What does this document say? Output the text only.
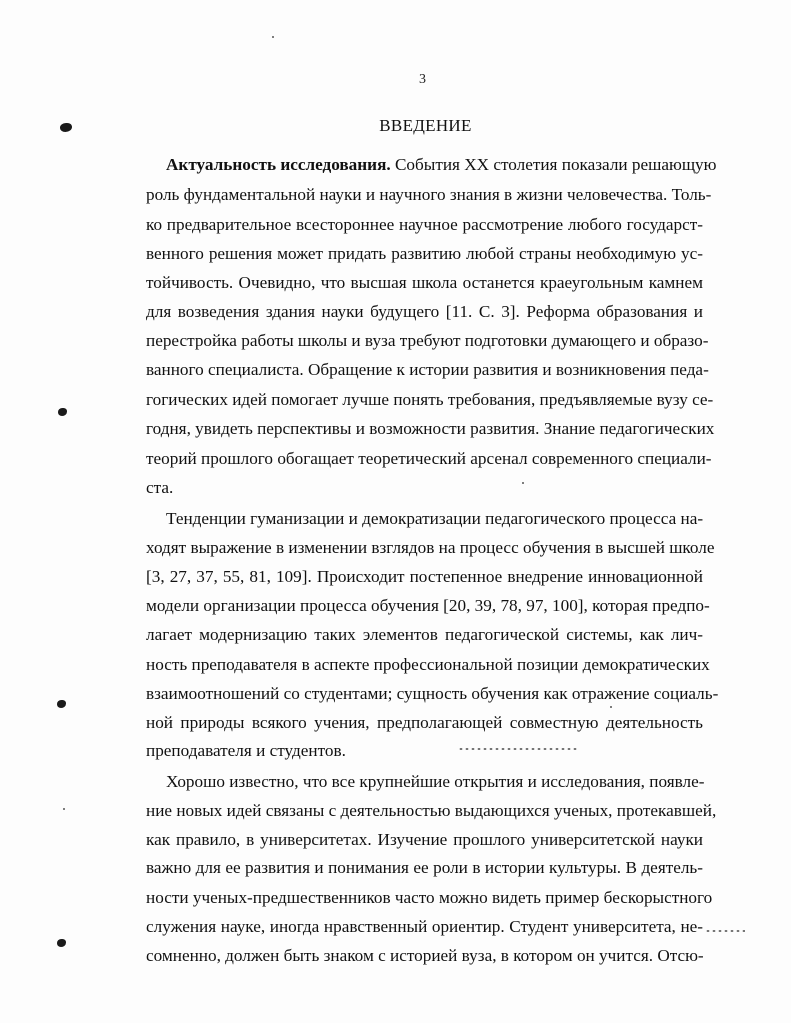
3
ВВЕДЕНИЕ
Актуальность исследования. События XX столетия показали решающую
роль фундаментальной науки и научного знания в жизни человечества. Толь-
ко предварительное всестороннее научное рассмотрение любого государст-
венного решения может придать развитию любой страны необходимую ус-
тойчивость. Очевидно, что высшая школа останется краеугольным камнем
для возведения здания науки будущего [11. С. 3]. Реформа образования и
перестройка работы школы и вуза требуют подготовки думающего и образо-
ванного специалиста. Обращение к истории развития и возникновения педа-
гогических идей помогает лучше понять требования, предъявляемые вузу се-
годня, увидеть перспективы и возможности развития. Знание педагогических
теорий прошлого обогащает теоретический арсенал современного специали-
ста.
Тенденции гуманизации и демократизации педагогического процесса на-
ходят выражение в изменении взглядов на процесс обучения в высшей школе
[3, 27, 37, 55, 81, 109]. Происходит постепенное внедрение инновационной
модели организации процесса обучения [20, 39, 78, 97, 100], которая предпо-
лагает модернизацию таких элементов педагогической системы, как лич-
ность преподавателя в аспекте профессиональной позиции демократических
взаимоотношений со студентами; сущность обучения как отражение социаль-
ной природы всякого учения, предполагающей совместную деятельность
преподавателя и студентов.
Хорошо известно, что все крупнейшие открытия и исследования, появле-
ние новых идей связаны с деятельностью выдающихся ученых, протекавшей,
как правило, в университетах. Изучение прошлого университетской науки
важно для ее развития и понимания ее роли в истории культуры. В деятель-
ности ученых-предшественников часто можно видеть пример бескорыстного
служения науке, иногда нравственный ориентир. Студент университета, не-
сомненно, должен быть знаком с историей вуза, в котором он учится. Отсю-
